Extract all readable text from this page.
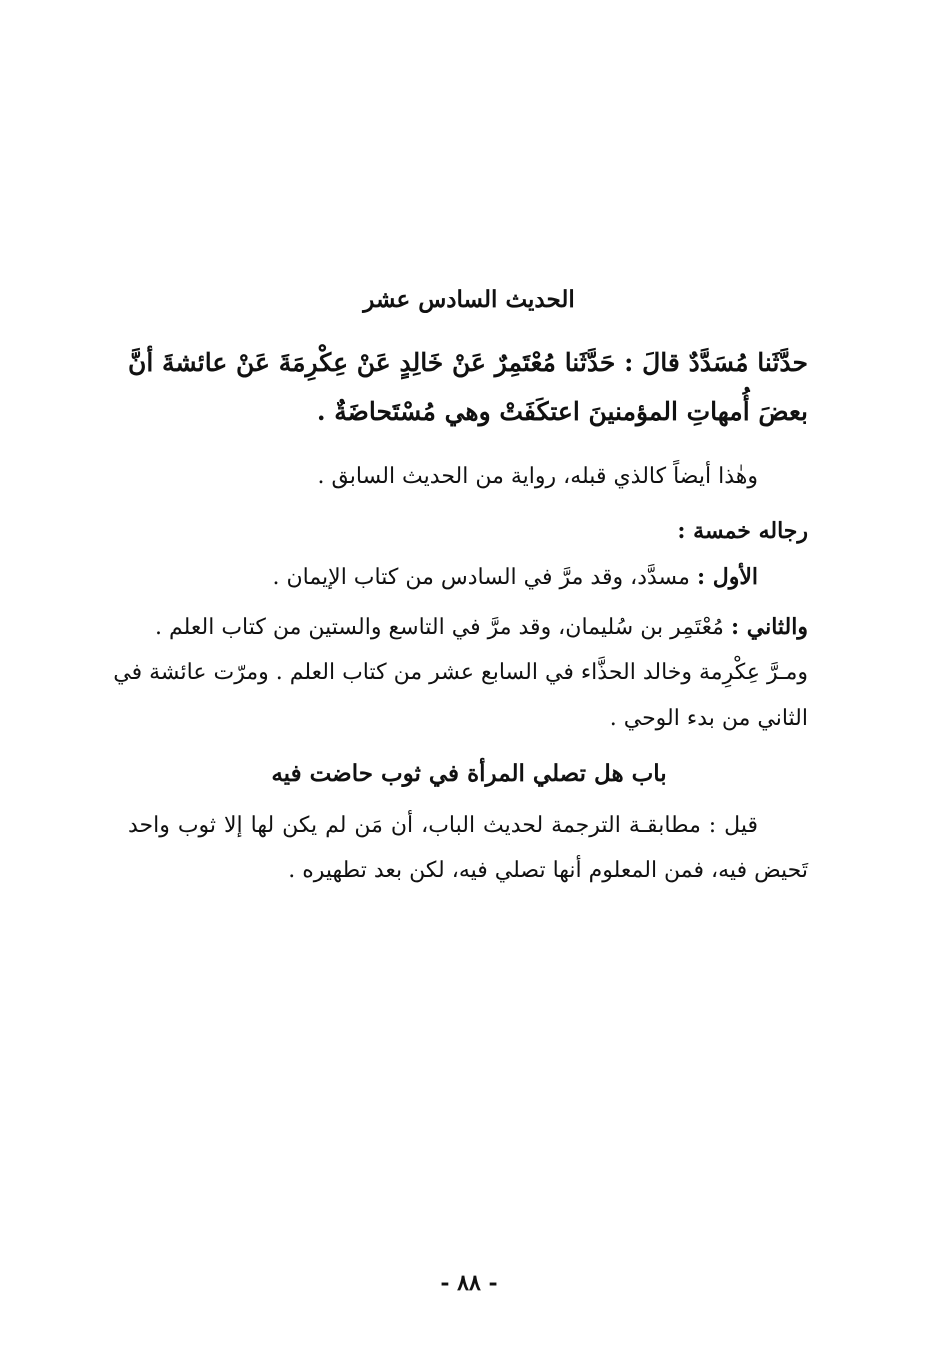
الحديث السادس عشر
حدَّثَنا مُسَدَّدٌ قالَ : حَدَّثَنا مُعْتَمِرٌ عَنْ خَالِدٍ عَنْ عِكْرِمَةَ عَنْ عائشةَ أنَّ
بعضَ أُمهاتِ المؤمنينَ اعتكَفَتْ وهي مُسْتَحاضَةٌ .
وهٰذا أيضاً كالذي قبله، رواية من الحديث السابق .
رجاله خمسة :
الأول : مسدَّد، وقد مرَّ في السادس من كتاب الإيمان .
والثاني : مُعْتَمِر بن سُليمان، وقد مرَّ في التاسع والستين من كتاب العلم .
ومـرَّ عِكْرِمة وخالد الحذَّاء في السابع عشر من كتاب العلم . ومرّت عائشة في
الثاني من بدء الوحي .
باب هل تصلي المرأة في ثوب حاضت فيه
قيل : مطابقـة الترجمة لحديث الباب، أن مَن لم يكن لها إلا ثوب واحد
تَحيض فيه، فمن المعلوم أنها تصلي فيه، لكن بعد تطهيره .
- ٨٨ -
